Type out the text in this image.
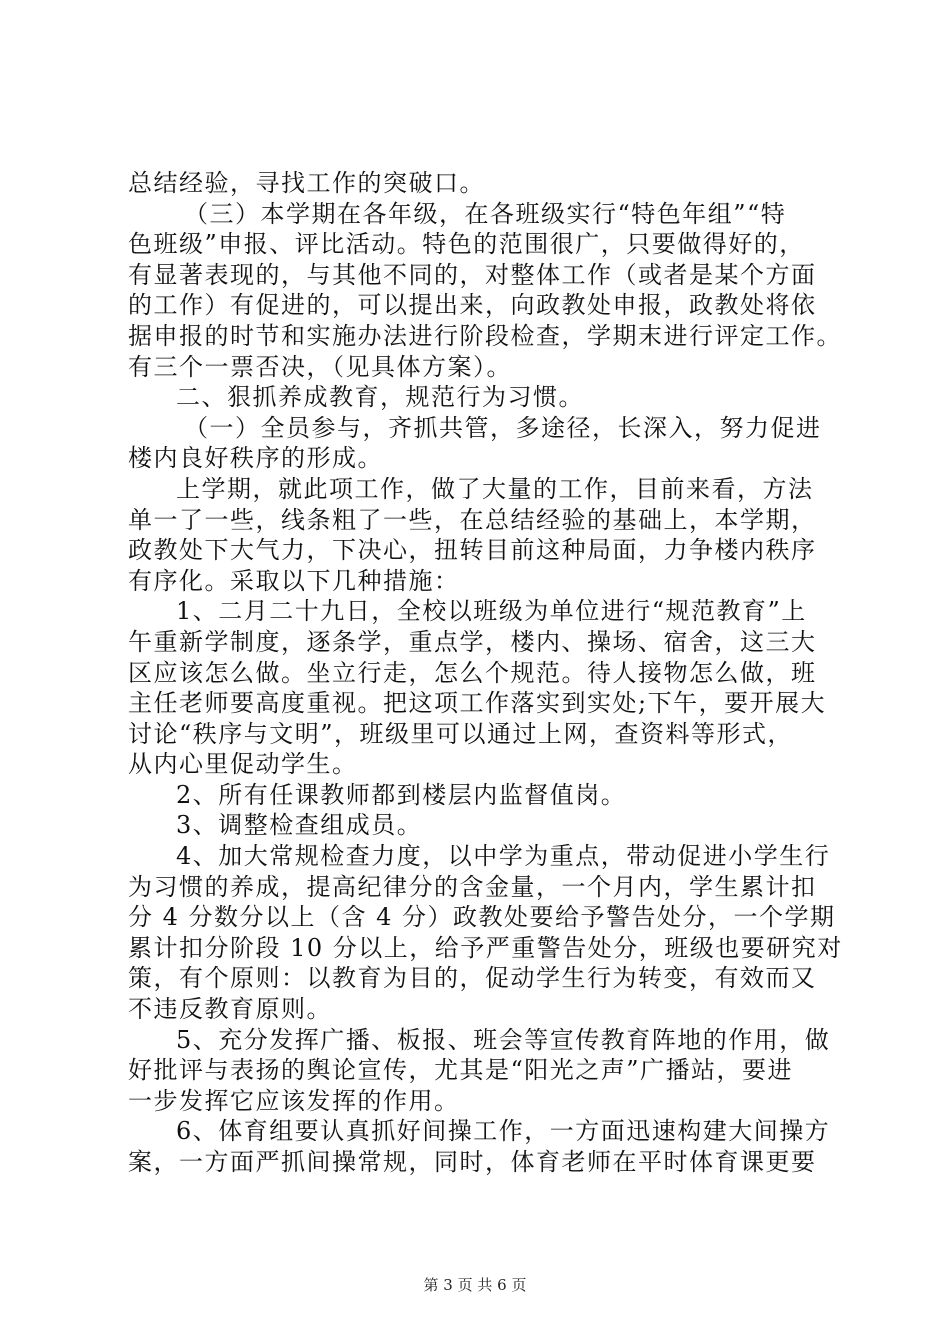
总结经验，寻找工作的突破口。
（三）本学期在各年级，在各班级实行“特色年组”“特
色班级”申报、评比活动。特色的范围很广，只要做得好的，
有显著表现的，与其他不同的，对整体工作（或者是某个方面
的工作）有促进的，可以提出来，向政教处申报，政教处将依
据申报的时节和实施办法进行阶段检查，学期末进行评定工作。
有三个一票否决，（见具体方案）。
二、狠抓养成教育，规范行为习惯。
（一）全员参与，齐抓共管，多途径，长深入，努力促进
楼内良好秩序的形成。
上学期，就此项工作，做了大量的工作，目前来看，方法
单一了一些，线条粗了一些，在总结经验的基础上，本学期，
政教处下大气力，下决心，扭转目前这种局面，力争楼内秩序
有序化。采取以下几种措施：
1、二月二十九日，全校以班级为单位进行“规范教育”上
午重新学制度，逐条学，重点学，楼内、操场、宿舍，这三大
区应该怎么做。坐立行走，怎么个规范。待人接物怎么做，班
主任老师要高度重视。把这项工作落实到实处;下午，要开展大
讨论“秩序与文明”，班级里可以通过上网，查资料等形式，
从内心里促动学生。
2、所有任课教师都到楼层内监督值岗。
3、调整检查组成员。
4、加大常规检查力度，以中学为重点，带动促进小学生行
为习惯的养成，提高纪律分的含金量，一个月内，学生累计扣
分 4 分数分以上（含 4 分）政教处要给予警告处分，一个学期
累计扣分阶段 10 分以上，给予严重警告处分，班级也要研究对
策，有个原则：以教育为目的，促动学生行为转变，有效而又
不违反教育原则。
5、充分发挥广播、板报、班会等宣传教育阵地的作用，做
好批评与表扬的舆论宣传，尤其是“阳光之声”广播站，要进
一步发挥它应该发挥的作用。
6、体育组要认真抓好间操工作，一方面迅速构建大间操方
案，一方面严抓间操常规，同时，体育老师在平时体育课更要
第 3 页 共 6 页
